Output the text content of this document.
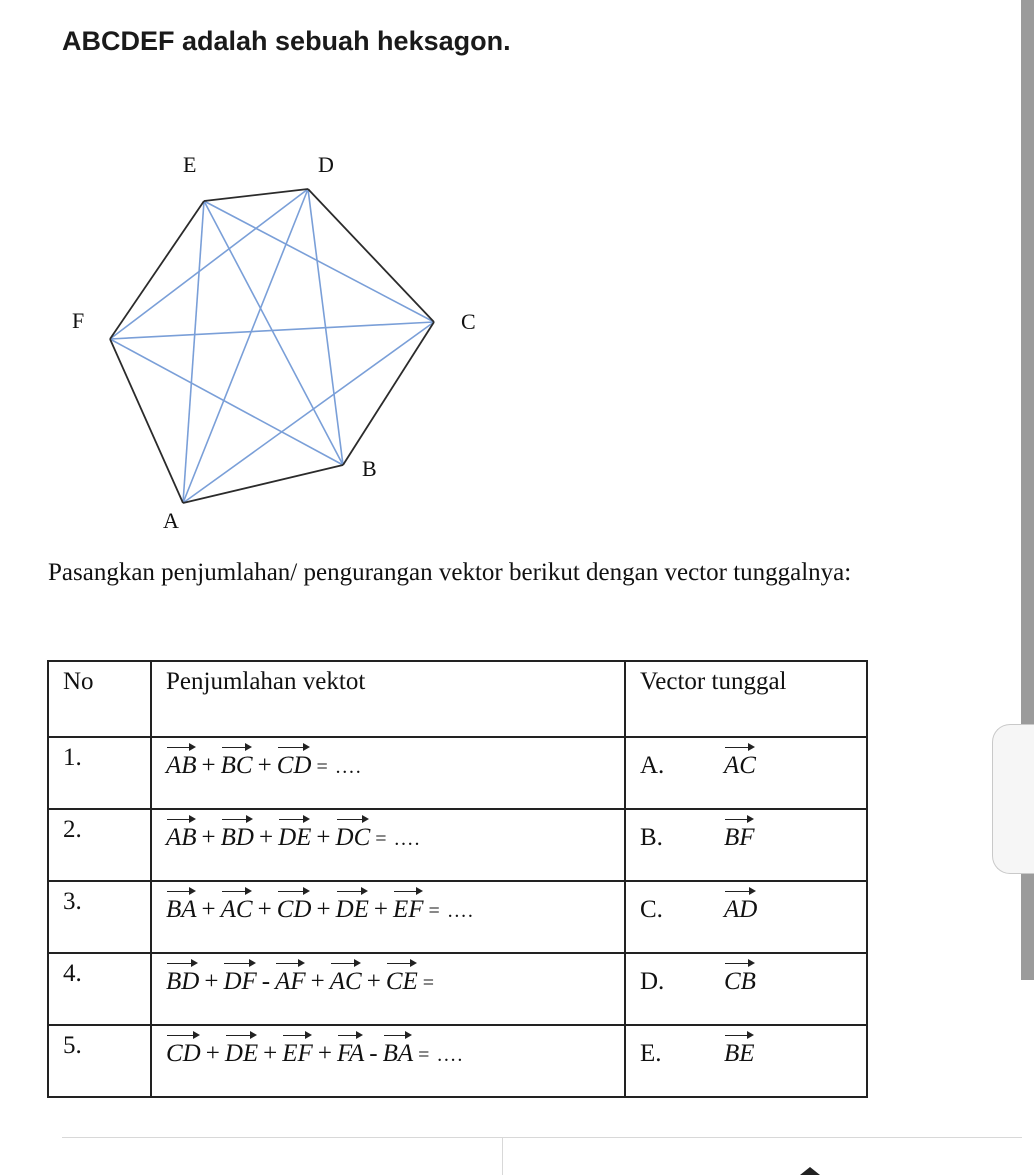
ABCDEF adalah sebuah heksagon.
A
B
C
D
E
F

Pasangkan penjumlahan/ pengurangan vektor berikut dengan vector tunggalnya:

No	Penjumlahan vektot	Vector tunggal
1.	AB + BC + CD = ….	A. AC
2.	AB + BD + DE + DC = ….	B. BF
3.	BA + AC + CD + DE + EF = ….	C. AD
4.	BD + DF - AF + AC + CE =	D. CB
5.	CD + DE + EF + FA - BA = ….	E. BE
